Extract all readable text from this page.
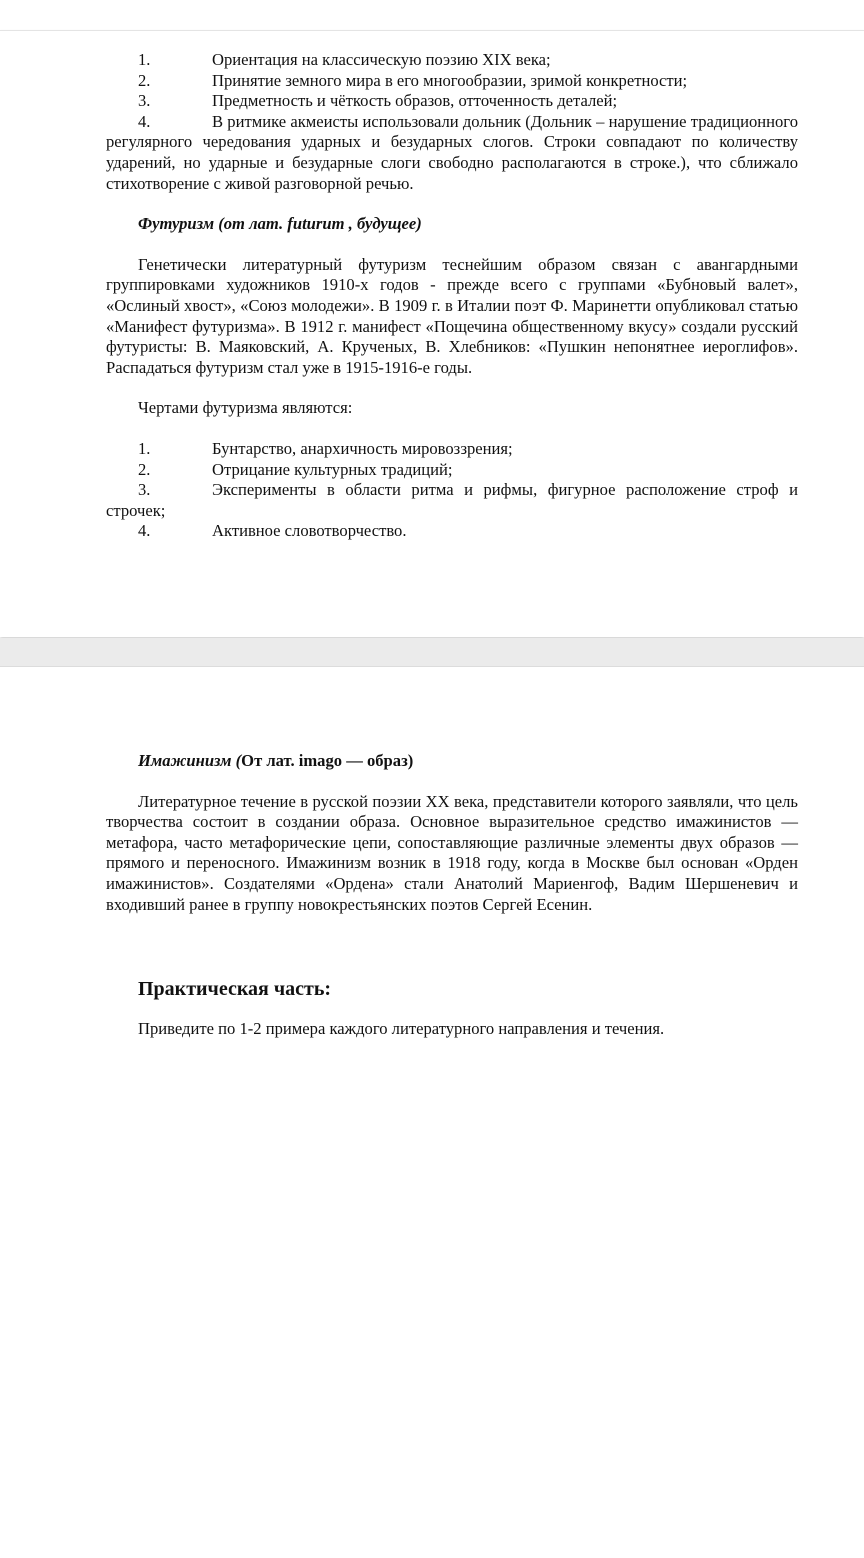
1.	Ориентация на классическую поэзию XIX века;

2.	Принятие земного мира в его многообразии, зримой конкретности;

3.	Предметность и чёткость образов, отточенность деталей;

4.	В ритмике акмеисты использовали дольник (Дольник – нарушение традиционного регулярного чередования ударных и безударных слогов. Строки совпадают по количеству ударений, но ударные и безударные слоги свободно располагаются в строке.), что сближало стихотворение с живой разговорной речью.

Футуризм (от лат. futurum , будущее)

Генетически литературный футуризм теснейшим образом связан с авангардными группировками художников 1910-х годов - прежде всего с группами «Бубновый валет», «Ослиный хвост», «Союз молодежи». В 1909 г. в Италии поэт Ф. Маринетти опубликовал статью «Манифест футуризма». В 1912 г. манифест «Пощечина общественному вкусу» создали русский футуристы: В. Маяковский, А. Крученых, В. Хлебников: «Пушкин непонятнее иероглифов». Распадаться футуризм стал уже в 1915-1916-е годы.

Чертами футуризма являются:

1.	Бунтарство, анархичность мировоззрения;

2.	Отрицание культурных традиций;

3.	Эксперименты в области ритма и рифмы, фигурное расположение строф и строчек;

4.	Активное словотворчество.

Имажинизм (От лат. imago — образ)

Литературное течение в русской поэзии XX века, представители которого заявляли, что цель творчества состоит в создании образа. Основное выразительное средство имажинистов — метафора, часто метафорические цепи, сопоставляющие различные элементы двух образов — прямого и переносного. Имажинизм возник в 1918 году, когда в Москве был основан «Орден имажинистов». Создателями «Ордена» стали Анатолий Мариенгоф, Вадим Шершеневич и входивший ранее в группу новокрестьянских поэтов Сергей Есенин.

Практическая часть:

Приведите по 1-2 примера каждого литературного направления и течения.
